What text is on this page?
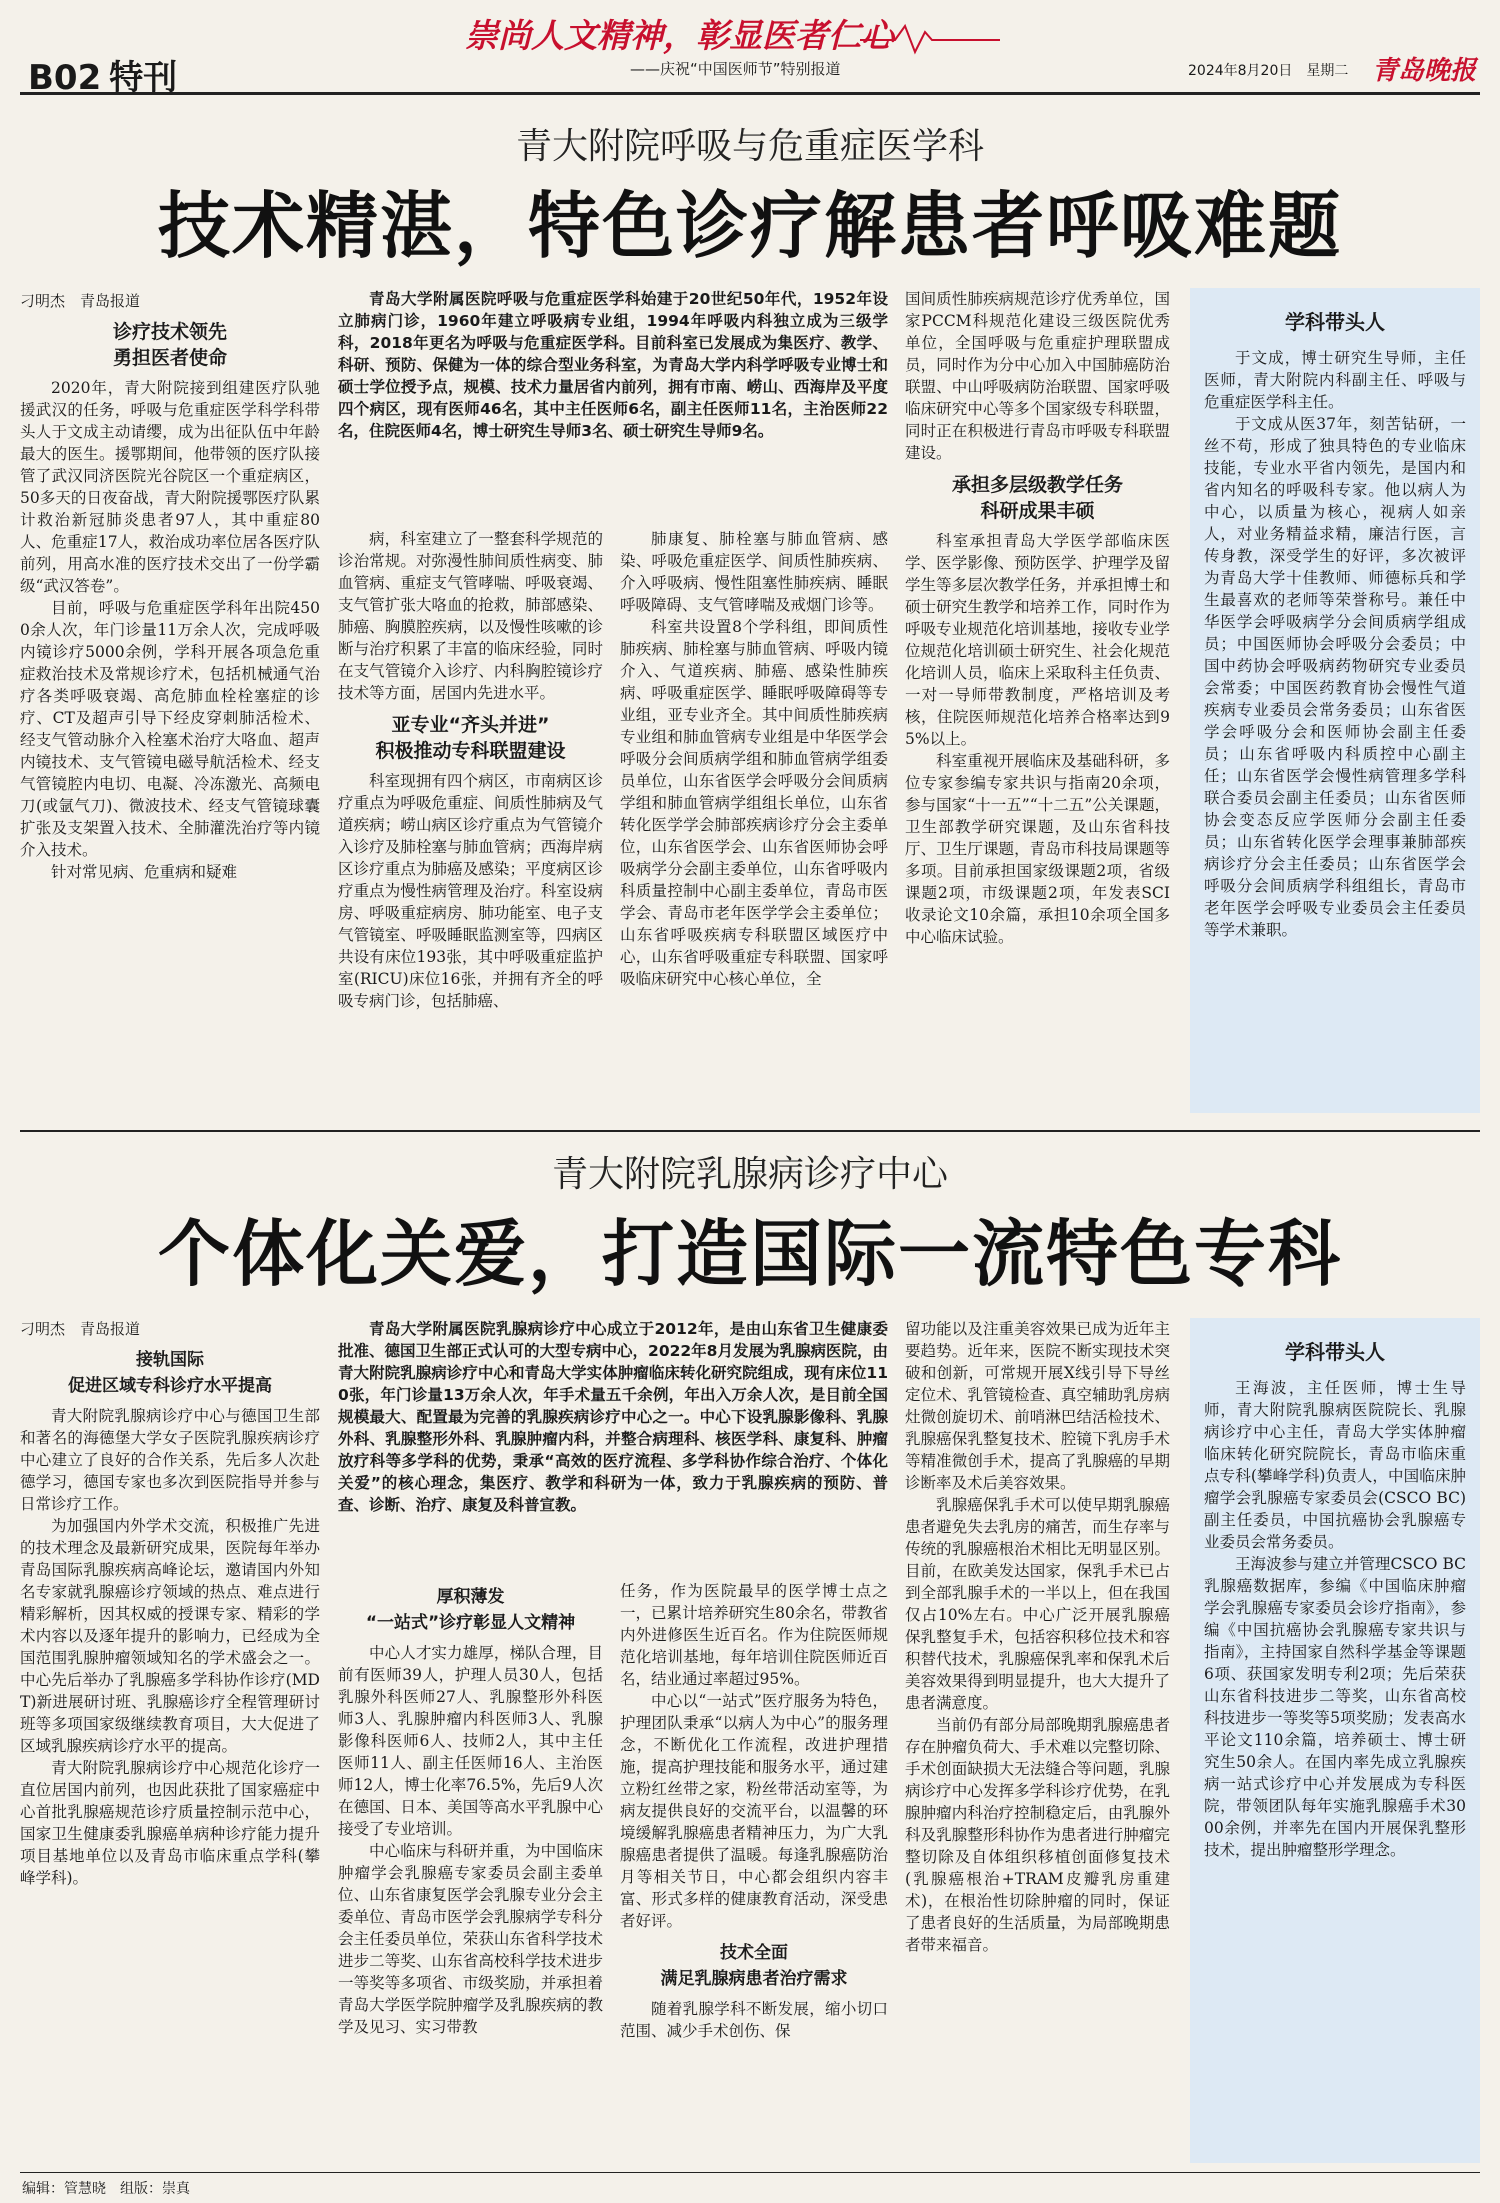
B02 特刊
崇尚人文精神，彰显医者仁心
——庆祝“中国医师节”特别报道	2024年8月20日　星期二 青岛晚报
青大附院呼吸与危重症医学科
技术精湛，特色诊疗解患者呼吸难题
刁明杰　青岛报道
诊疗技术领先
勇担医者使命

2020年，青大附院接到组建医疗队驰援武汉的任务，呼吸与危重症医学科学科带头人于文成主动请缨，成为出征队伍中年龄最大的医生。援鄂期间，他带领的医疗队接管了武汉同济医院光谷院区一个重症病区，50多天的日夜奋战，青大附院援鄂医疗队累计救治新冠肺炎患者97人，其中重症80人、危重症17人，救治成功率位居各医疗队前列，用高水准的医疗技术交出了一份学霸级“武汉答卷”。

目前，呼吸与危重症医学科年出院4500余人次，年门诊量11万余人次，完成呼吸内镜诊疗5000余例，学科开展各项急危重症救治技术及常规诊疗术，包括机械通气治疗各类呼吸衰竭、高危肺血栓栓塞症的诊疗、CT及超声引导下经皮穿刺肺活检术、经支气管动脉介入栓塞术治疗大咯血、超声内镜技术、支气管镜电磁导航活检术、经支气管镜腔内电切、电凝、冷冻激光、高频电刀(或氩气刀)、微波技术、经支气管镜球囊扩张及支架置入技术、全肺灌洗治疗等内镜介入技术。

针对常见病、危重病和疑难

青岛大学附属医院呼吸与危重症医学科始建于20世纪50年代，1952年设立肺病门诊，1960年建立呼吸病专业组，1994年呼吸内科独立成为三级学科，2018年更名为呼吸与危重症医学科。目前科室已发展成为集医疗、教学、科研、预防、保健为一体的综合型业务科室，为青岛大学内科学呼吸专业博士和硕士学位授予点，规模、技术力量居省内前列，拥有市南、崂山、西海岸及平度四个病区，现有医师46名，其中主任医师6名，副主任医师11名，主治医师22名，住院医师4名，博士研究生导师3名、硕士研究生导师9名。

病，科室建立了一整套科学规范的诊治常规。对弥漫性肺间质性病变、肺血管病、重症支气管哮喘、呼吸衰竭、支气管扩张大咯血的抢救，肺部感染、肺癌、胸膜腔疾病，以及慢性咳嗽的诊断与治疗积累了丰富的临床经验，同时在支气管镜介入诊疗、内科胸腔镜诊疗技术等方面，居国内先进水平。

亚专业“齐头并进”
积极推动专科联盟建设

科室现拥有四个病区，市南病区诊疗重点为呼吸危重症、间质性肺病及气道疾病；崂山病区诊疗重点为气管镜介入诊疗及肺栓塞与肺血管病；西海岸病区诊疗重点为肺癌及感染；平度病区诊疗重点为慢性病管理及治疗。科室设病房、呼吸重症病房、肺功能室、电子支气管镜室、呼吸睡眠监测室等，四病区共设有床位193张，其中呼吸重症监护室(RICU)床位16张，并拥有齐全的呼吸专病门诊，包括肺癌、

肺康复、肺栓塞与肺血管病、感染、呼吸危重症医学、间质性肺疾病、介入呼吸病、慢性阻塞性肺疾病、睡眠呼吸障碍、支气管哮喘及戒烟门诊等。

科室共设置8个学科组，即间质性肺疾病、肺栓塞与肺血管病、呼吸内镜介入、气道疾病、肺癌、感染性肺疾病、呼吸重症医学、睡眠呼吸障碍等专业组，亚专业齐全。其中间质性肺疾病专业组和肺血管病专业组是中华医学会呼吸分会间质病学组和肺血管病学组委员单位，山东省医学会呼吸分会间质病学组和肺血管病学组组长单位，山东省转化医学学会肺部疾病诊疗分会主委单位，山东省医学会、山东省医师协会呼吸病学分会副主委单位，山东省呼吸内科质量控制中心副主委单位，青岛市医学会、青岛市老年医学学会主委单位；山东省呼吸疾病专科联盟区域医疗中心，山东省呼吸重症专科联盟、国家呼吸临床研究中心核心单位，全

国间质性肺疾病规范诊疗优秀单位，国家PCCM科规范化建设三级医院优秀单位，全国呼吸与危重症护理联盟成员，同时作为分中心加入中国肺癌防治联盟、中山呼吸病防治联盟、国家呼吸临床研究中心等多个国家级专科联盟，同时正在积极进行青岛市呼吸专科联盟建设。

承担多层级教学任务
科研成果丰硕

科室承担青岛大学医学部临床医学、医学影像、预防医学、护理学及留学生等多层次教学任务，并承担博士和硕士研究生教学和培养工作，同时作为呼吸专业规范化培训基地，接收专业学位规范化培训硕士研究生、社会化规范化培训人员，临床上采取科主任负责、一对一导师带教制度，严格培训及考核，住院医师规范化培养合格率达到95%以上。

科室重视开展临床及基础科研，多位专家参编专家共识与指南20余项，参与国家“十一五”“十二五”公关课题，卫生部教学研究课题，及山东省科技厅、卫生厅课题，青岛市科技局课题等多项。目前承担国家级课题2项，省级课题2项，市级课题2项，年发表SCI收录论文10余篇，承担10余项全国多中心临床试验。

学科带头人

于文成，博士研究生导师，主任医师，青大附院内科副主任、呼吸与危重症医学科主任。

于文成从医37年，刻苦钻研，一丝不苟，形成了独具特色的专业临床技能，专业水平省内领先，是国内和省内知名的呼吸科专家。他以病人为中心，以质量为核心，视病人如亲人，对业务精益求精，廉洁行医，言传身教，深受学生的好评，多次被评为青岛大学十佳教师、师德标兵和学生最喜欢的老师等荣誉称号。兼任中华医学会呼吸病学分会间质病学组成员；中国医师协会呼吸分会委员；中国中药协会呼吸病药物研究专业委员会常委；中国医药教育协会慢性气道疾病专业委员会常务委员；山东省医学会呼吸分会和医师协会副主任委员；山东省呼吸内科质控中心副主任；山东省医学会慢性病管理多学科联合委员会副主任委员；山东省医师协会变态反应学医师分会副主任委员；山东省转化医学会理事兼肺部疾病诊疗分会主任委员；山东省医学会呼吸分会间质病学科组组长，青岛市老年医学会呼吸专业委员会主任委员等学术兼职。

青大附院乳腺病诊疗中心
个体化关爱，打造国际一流特色专科
刁明杰　青岛报道
接轨国际
促进区域专科诊疗水平提高

青大附院乳腺病诊疗中心与德国卫生部和著名的海德堡大学女子医院乳腺疾病诊疗中心建立了良好的合作关系，先后多人次赴德学习，德国专家也多次到医院指导并参与日常诊疗工作。

为加强国内外学术交流，积极推广先进的技术理念及最新研究成果，医院每年举办青岛国际乳腺疾病高峰论坛，邀请国内外知名专家就乳腺癌诊疗领域的热点、难点进行精彩解析，因其权威的授课专家、精彩的学术内容以及逐年提升的影响力，已经成为全国范围乳腺肿瘤领域知名的学术盛会之一。中心先后举办了乳腺癌多学科协作诊疗(MDT)新进展研讨班、乳腺癌诊疗全程管理研讨班等多项国家级继续教育项目，大大促进了区域乳腺疾病诊疗水平的提高。

青大附院乳腺病诊疗中心规范化诊疗一直位居国内前列，也因此获批了国家癌症中心首批乳腺癌规范诊疗质量控制示范中心，国家卫生健康委乳腺癌单病种诊疗能力提升项目基地单位以及青岛市临床重点学科(攀峰学科)。

青岛大学附属医院乳腺病诊疗中心成立于2012年，是由山东省卫生健康委批准、德国卫生部正式认可的大型专病中心，2022年8月发展为乳腺病医院，由青大附院乳腺病诊疗中心和青岛大学实体肿瘤临床转化研究院组成，现有床位110张，年门诊量13万余人次，年手术量五千余例，年出入万余人次，是目前全国规模最大、配置最为完善的乳腺疾病诊疗中心之一。中心下设乳腺影像科、乳腺外科、乳腺整形外科、乳腺肿瘤内科，并整合病理科、核医学科、康复科、肿瘤放疗科等多学科的优势，秉承“高效的医疗流程、多学科协作综合治疗、个体化关爱”的核心理念，集医疗、教学和科研为一体，致力于乳腺疾病的预防、普查、诊断、治疗、康复及科普宣教。

厚积薄发
“一站式”诊疗彰显人文精神

中心人才实力雄厚，梯队合理，目前有医师39人，护理人员30人，包括乳腺外科医师27人、乳腺整形外科医师3人、乳腺肿瘤内科医师3人、乳腺影像科医师6人、技师2人，其中主任医师11人、副主任医师16人、主治医师12人，博士化率76.5%，先后9人次在德国、日本、美国等高水平乳腺中心接受了专业培训。

中心临床与科研并重，为中国临床肿瘤学会乳腺癌专家委员会副主委单位、山东省康复医学会乳腺专业分会主委单位、青岛市医学会乳腺病学专科分会主任委员单位，荣获山东省科学技术进步二等奖、山东省高校科学技术进步一等奖等多项省、市级奖励，并承担着青岛大学医学院肿瘤学及乳腺疾病的教学及见习、实习带教

任务，作为医院最早的医学博士点之一，已累计培养研究生80余名，带教省内外进修医生近百名。作为住院医师规范化培训基地，每年培训住院医师近百名，结业通过率超过95%。

中心以“一站式”医疗服务为特色，护理团队秉承“以病人为中心”的服务理念，不断优化工作流程，改进护理措施，提高护理技能和服务水平，通过建立粉红丝带之家，粉丝带活动室等，为病友提供良好的交流平台，以温馨的环境缓解乳腺癌患者精神压力，为广大乳腺癌患者提供了温暖。每逢乳腺癌防治月等相关节日，中心都会组织内容丰富、形式多样的健康教育活动，深受患者好评。

技术全面
满足乳腺病患者治疗需求

随着乳腺学科不断发展，缩小切口范围、减少手术创伤、保

留功能以及注重美容效果已成为近年主要趋势。近年来，医院不断实现技术突破和创新，可常规开展X线引导下导丝定位术、乳管镜检查、真空辅助乳房病灶微创旋切术、前哨淋巴结活检技术、乳腺癌保乳整复技术、腔镜下乳房手术等精准微创手术，提高了乳腺癌的早期诊断率及术后美容效果。

乳腺癌保乳手术可以使早期乳腺癌患者避免失去乳房的痛苦，而生存率与传统的乳腺癌根治术相比无明显区别。目前，在欧美发达国家，保乳手术已占到全部乳腺手术的一半以上，但在我国仅占10%左右。中心广泛开展乳腺癌保乳整复手术，包括容积移位技术和容积替代技术，乳腺癌保乳率和保乳术后美容效果得到明显提升，也大大提升了患者满意度。

当前仍有部分局部晚期乳腺癌患者存在肿瘤负荷大、手术难以完整切除、手术创面缺损大无法缝合等问题，乳腺病诊疗中心发挥多学科诊疗优势，在乳腺肿瘤内科治疗控制稳定后，由乳腺外科及乳腺整形科协作为患者进行肿瘤完整切除及自体组织移植创面修复技术(乳腺癌根治+TRAM皮瓣乳房重建术)，在根治性切除肿瘤的同时，保证了患者良好的生活质量，为局部晚期患者带来福音。

学科带头人

王海波，主任医师，博士生导师，青大附院乳腺病医院院长、乳腺病诊疗中心主任，青岛大学实体肿瘤临床转化研究院院长，青岛市临床重点专科(攀峰学科)负责人，中国临床肿瘤学会乳腺癌专家委员会(CSCO BC)副主任委员，中国抗癌协会乳腺癌专业委员会常务委员。

王海波参与建立并管理CSCO BC乳腺癌数据库，参编《中国临床肿瘤学会乳腺癌专家委员会诊疗指南》，参编《中国抗癌协会乳腺癌专家共识与指南》，主持国家自然科学基金等课题6项、获国家发明专利2项；先后荣获山东省科技进步二等奖，山东省高校科技进步一等奖等5项奖励；发表高水平论文110余篇，培养硕士、博士研究生50余人。在国内率先成立乳腺疾病一站式诊疗中心并发展成为专科医院，带领团队每年实施乳腺癌手术3000余例，并率先在国内开展保乳整形技术，提出肿瘤整形学理念。

编辑：管慧晓　组版：崇真
